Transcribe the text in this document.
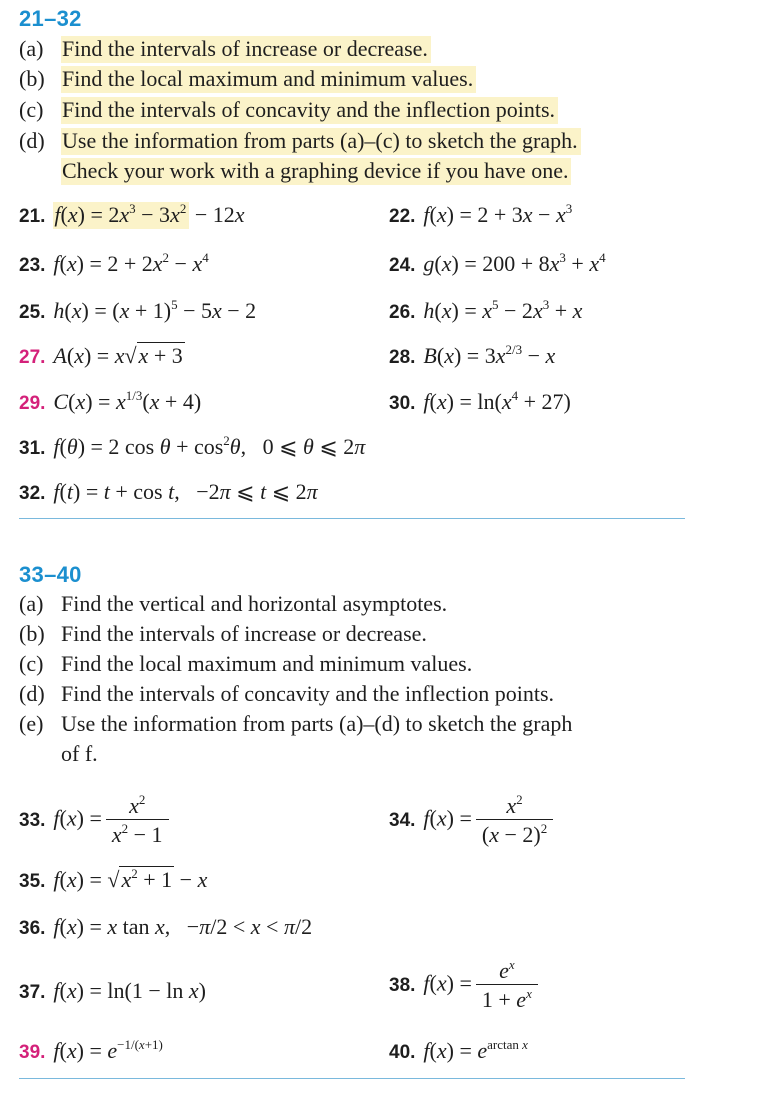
21–32
(a) Find the intervals of increase or decrease.
(b) Find the local maximum and minimum values.
(c) Find the intervals of concavity and the inflection points.
(d) Use the information from parts (a)–(c) to sketch the graph.
Check your work with a graphing device if you have one.
21. $f(x) = 2x^3 - 3x^2 - 12x$	22. $f(x) = 2 + 3x - x^3$
23. $f(x) = 2 + 2x^2 - x^4$	24. $g(x) = 200 + 8x^3 + x^4$
25. $h(x) = (x + 1)^5 - 5x - 2$	26. $h(x) = x^5 - 2x^3 + x$
27. A(x) = x√x + 3	28. $B(x) = 3x^{2/3} - x$
29. $C(x) = x^{1/3}(x + 4)$	30. $f(x) = \ln(x^4 + 27)$
31. f(θ) = 2 $\cos \theta + \cos^2\theta$,   0 ⩽ θ ⩽ 2π
32. f(t) = t + cos t,   −2π ⩽ t ⩽ 2π
33–40
(a) Find the vertical and horizontal asymptotes.
(b) Find the intervals of increase or decrease.
(c) Find the local maximum and minimum values.
(d) Find the intervals of concavity and the inflection points.
(e) Use the information from parts (a)–(d) to sketch the graph
of f.
33. $f(x) = \frac{x^2}{x^2 - 1}$	34. $f(x) = \frac{x^2}{(x - 2)^2}$
35. $f(x) = √x^2 + 1 - x$
36. f(x) = x tan x,   −π/2 < x < π/2
37. f(x) = ln(1 − ln x)	38. $f(x) = \frac{e^x}{1 + e^x}$
39. $f(x) = e^{-1/(x+1)}$	40. $f(x) = e^{arctan x}$
